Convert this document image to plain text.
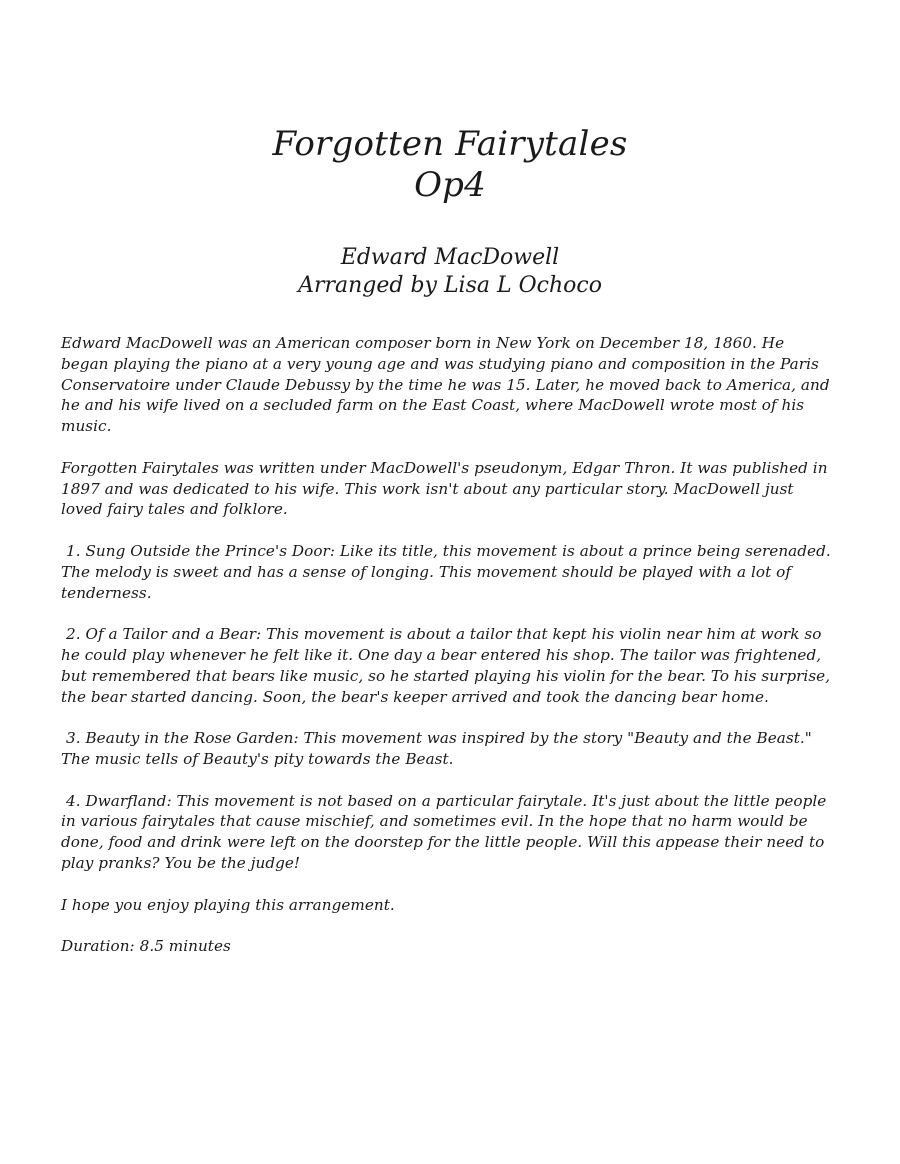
Forgotten Fairytales
Op4
Edward MacDowell
Arranged by Lisa L Ochoco

Edward MacDowell was an American composer born in New York on December 18, 1860. He began playing the piano at a very young age and was studying piano and composition in the Paris Conservatoire under Claude Debussy by the time he was 15. Later, he moved back to America, and he and his wife lived on a secluded farm on the East Coast, where MacDowell wrote most of his music.

Forgotten Fairytales was written under MacDowell's pseudonym, Edgar Thron. It was published in 1897 and was dedicated to his wife. This work isn't about any particular story. MacDowell just loved fairy tales and folklore.

1. Sung Outside the Prince's Door: Like its title, this movement is about a prince being serenaded. The melody is sweet and has a sense of longing. This movement should be played with a lot of tenderness.

2. Of a Tailor and a Bear: This movement is about a tailor that kept his violin near him at work so he could play whenever he felt like it. One day a bear entered his shop. The tailor was frightened, but remembered that bears like music, so he started playing his violin for the bear. To his surprise, the bear started dancing. Soon, the bear's keeper arrived and took the dancing bear home.

3. Beauty in the Rose Garden: This movement was inspired by the story "Beauty and the Beast." The music tells of Beauty's pity towards the Beast.

4. Dwarfland: This movement is not based on a particular fairytale. It's just about the little people in various fairytales that cause mischief, and sometimes evil. In the hope that no harm would be done, food and drink were left on the doorstep for the little people. Will this appease their need to play pranks? You be the judge!

I hope you enjoy playing this arrangement.

Duration: 8.5 minutes
